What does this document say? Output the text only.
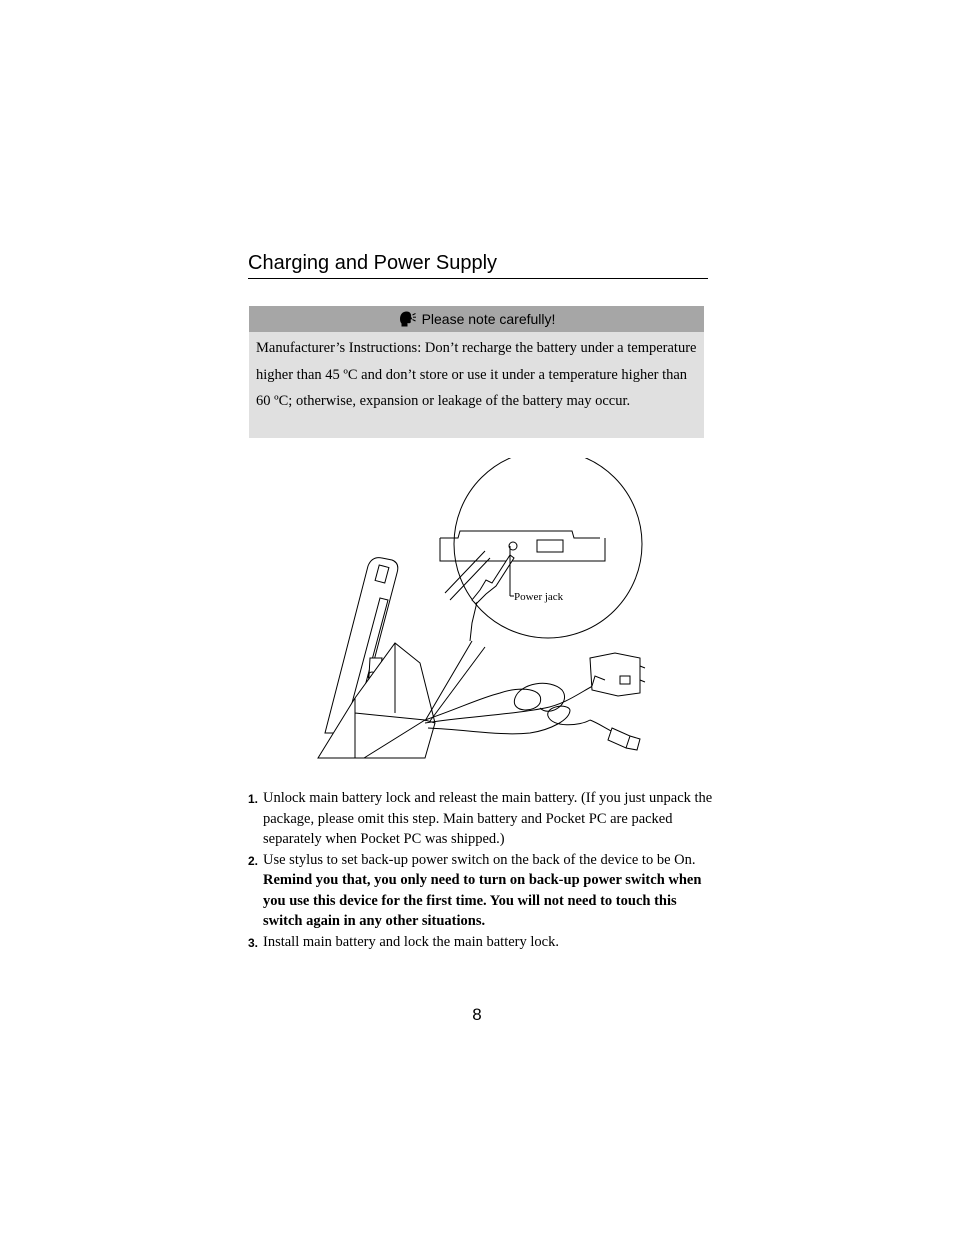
Charging and Power Supply
Please note carefully!
Manufacturer’s Instructions: Don’t recharge the battery under a temperature higher than 45 ºC and don’t store or use it under a temperature higher than 60 ºC; otherwise, expansion or leakage of the battery may occur.
Power jack
1. Unlock main battery lock and releast the main battery. (If you just unpack the package, please omit this step. Main battery and Pocket PC are packed separately when Pocket PC was shipped.)
2. Use stylus to set back-up power switch on the back of the device to be On. Remind you that, you only need to turn on back-up power switch when you use this device for the first time. You will not need to touch this switch again in any other situations.
3. Install main battery and lock the main battery lock.
8
